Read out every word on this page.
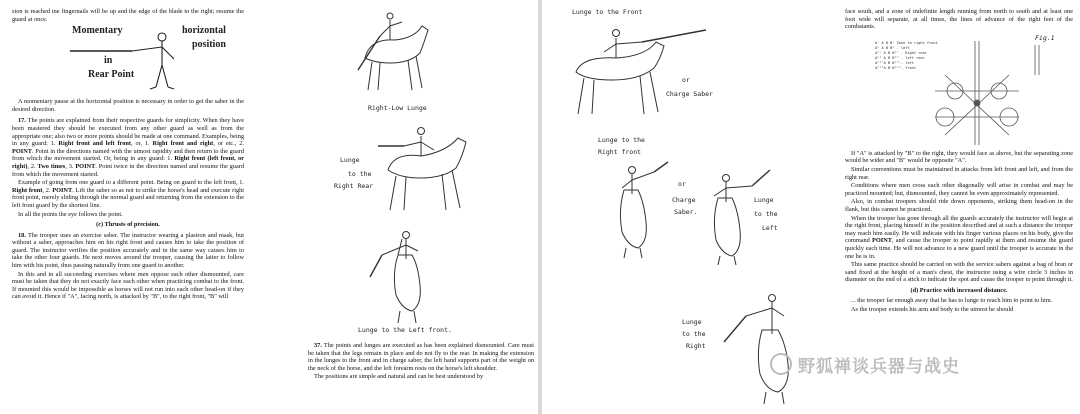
sion is reached tne fingernails will be up and the edge of the blade to the right; resume the guard at once.

Momentary	horizontal
position
in
Rear Point

A momentary pause at the horizontal position is necessary in order to get the saber in the desired direction.

17. The points are explained from their respective guards for simplicity. When they have been mastered they should be executed from any other guard as well as from the appropriate one; also two or more points should be made at one command. Examples, being in any guard: 1. Right front and left front, or, 1. Right front and right, or etc., 2. POINT. Point in the directions named with the utmost rapidity and then return to the guard from which the movement started. Or, being in any guard: 1. Right front (left front, or right), 2. Two times, 3. POINT. Point twice in the direction named and resume the guard from which the movement started.

Example of going from one guard to a different point. Being on guard to the left front, 1. Right front, 2. POINT. Lift the saber so as not to strike the horse's head and execute right front point, merely sliding through the normal guard and returning from the extension to the left front guard by the shortest line.

In all the points the eye follows the point.

(c) Thrusts of precision.

18. The trooper uses an exercise saber. The instructor wearing a plastron and mask, but without a saber, approaches him on his right front and causes him to take the position of guard. The instructor verifies the position accurately and in the same way causes him to take the other four guards. He next moves around the trooper, causing the latter to follow him with his point, thus passing naturally from one guard to another.

In this and in all succeeding exercises where men oppose each other dismounted, care must be taken that they do not exactly face each other when practicing combat to the front. If mounted this would be impossible as horses will not run into each other head-on if they can avoid it. Hence if "A", facing north, is attacked by "B", to the right front, "B" will

Right-Low Lunge
Lunge
to the
Right Rear
Lunge to the Left front.

37. The points and lunges are executed as has been explained dismounted. Care must be taken that the legs remain in place and do not fly to the rear. In making the extension in the lunges to the front and in charge saber, the left hand supports part of the weight on the neck of the horse, and the left forearm rests on the horse's left shoulder.

The positions are simple and natural and can be best understood by

Lunge to the Front
or
Charge Saber
Lunge to the
Right front
or
Charge
Saber.
Lunge
to the
Left
Lunge
to the
Right

face south, and a zone of indefinite length running from north to south and at least one foot wide will separate, at all times, the lines of advance of the right feet of the combatants.

Fig.1
A' A B B' Zone to right front
A" A B B" - left
A"' A B B"' - Right rear
A"" A B B"" - left rear
A""'A B B""'- left
A"""A B B"""- front

If "A" is attacked by "B" to the right, they would face as above, but the separating zone would be wider and "B" would be opposite "A".

Similar conventions must be maintained in attacks from left front and left, and from the right rear.

Conditions where men cross each other diagonally will arise in combat and may be practiced mounted; but, dismounted, they cannot be even approximately represented.

Also, in combat troopers should ride down opponents, striking them head-on in the flank, but this cannot be practiced.

When the trooper has gone through all the guards accurately the instructor will begin at the right front, placing himself in the position described and at such a distance the trooper may reach him easily. He will indicate with his finger various places on his body, give the command POINT, and cause the trooper to point rapidly at them and resume the guard quickly each time. He will not advance to a new guard until the trooper is accurate in the one he is in.

This same practice should be carried on with the service sabers against a bag of bran or sand fixed at the height of a man's chest, the instructor using a wire circle 3 inches in diameter on the end of a stick to indicate the spot and cause the trooper to point through it.

(d) Practice with increased distance.

... the trooper far enough away that he has to lunge to reach him to point to him.

As the trooper extends his arm and body to the utmost he should

野狐禅谈兵器与战史
